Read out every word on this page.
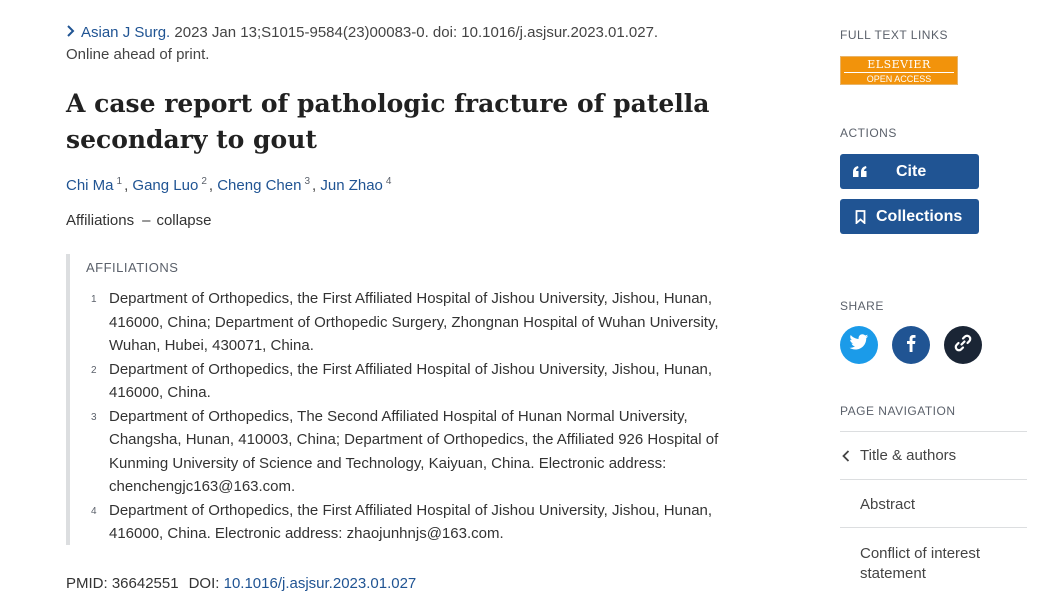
Asian J Surg. 2023 Jan 13;S1015-9584(23)00083-0. doi: 10.1016/j.asjsur.2023.01.027.
Online ahead of print.
A case report of pathologic fracture of patella secondary to gout
Chi Ma $^1$ , Gang Luo $^2$ , Cheng Chen $^3$ , Jun Zhao $^4$
Affiliations – collapse
AFFILIATIONS
1 Department of Orthopedics, the First Affiliated Hospital of Jishou University, Jishou, Hunan, 416000, China; Department of Orthopedic Surgery, Zhongnan Hospital of Wuhan University, Wuhan, Hubei, 430071, China.
2 Department of Orthopedics, the First Affiliated Hospital of Jishou University, Jishou, Hunan, 416000, China.
3 Department of Orthopedics, The Second Affiliated Hospital of Hunan Normal University, Changsha, Hunan, 410003, China; Department of Orthopedics, the Affiliated 926 Hospital of Kunming University of Science and Technology, Kaiyuan, China. Electronic address: chenchengjc163@163.com.
4 Department of Orthopedics, the First Affiliated Hospital of Jishou University, Jishou, Hunan, 416000, China. Electronic address: zhaojunhnjs@163.com.
PMID: 36642551 DOI: 10.1016/j.asjsur.2023.01.027
FULL TEXT LINKS
ELSEVIER
OPEN ACCESS
ACTIONS
Cite
Collections
SHARE
PAGE NAVIGATION
Title & authors
Abstract
Conflict of interest statement
